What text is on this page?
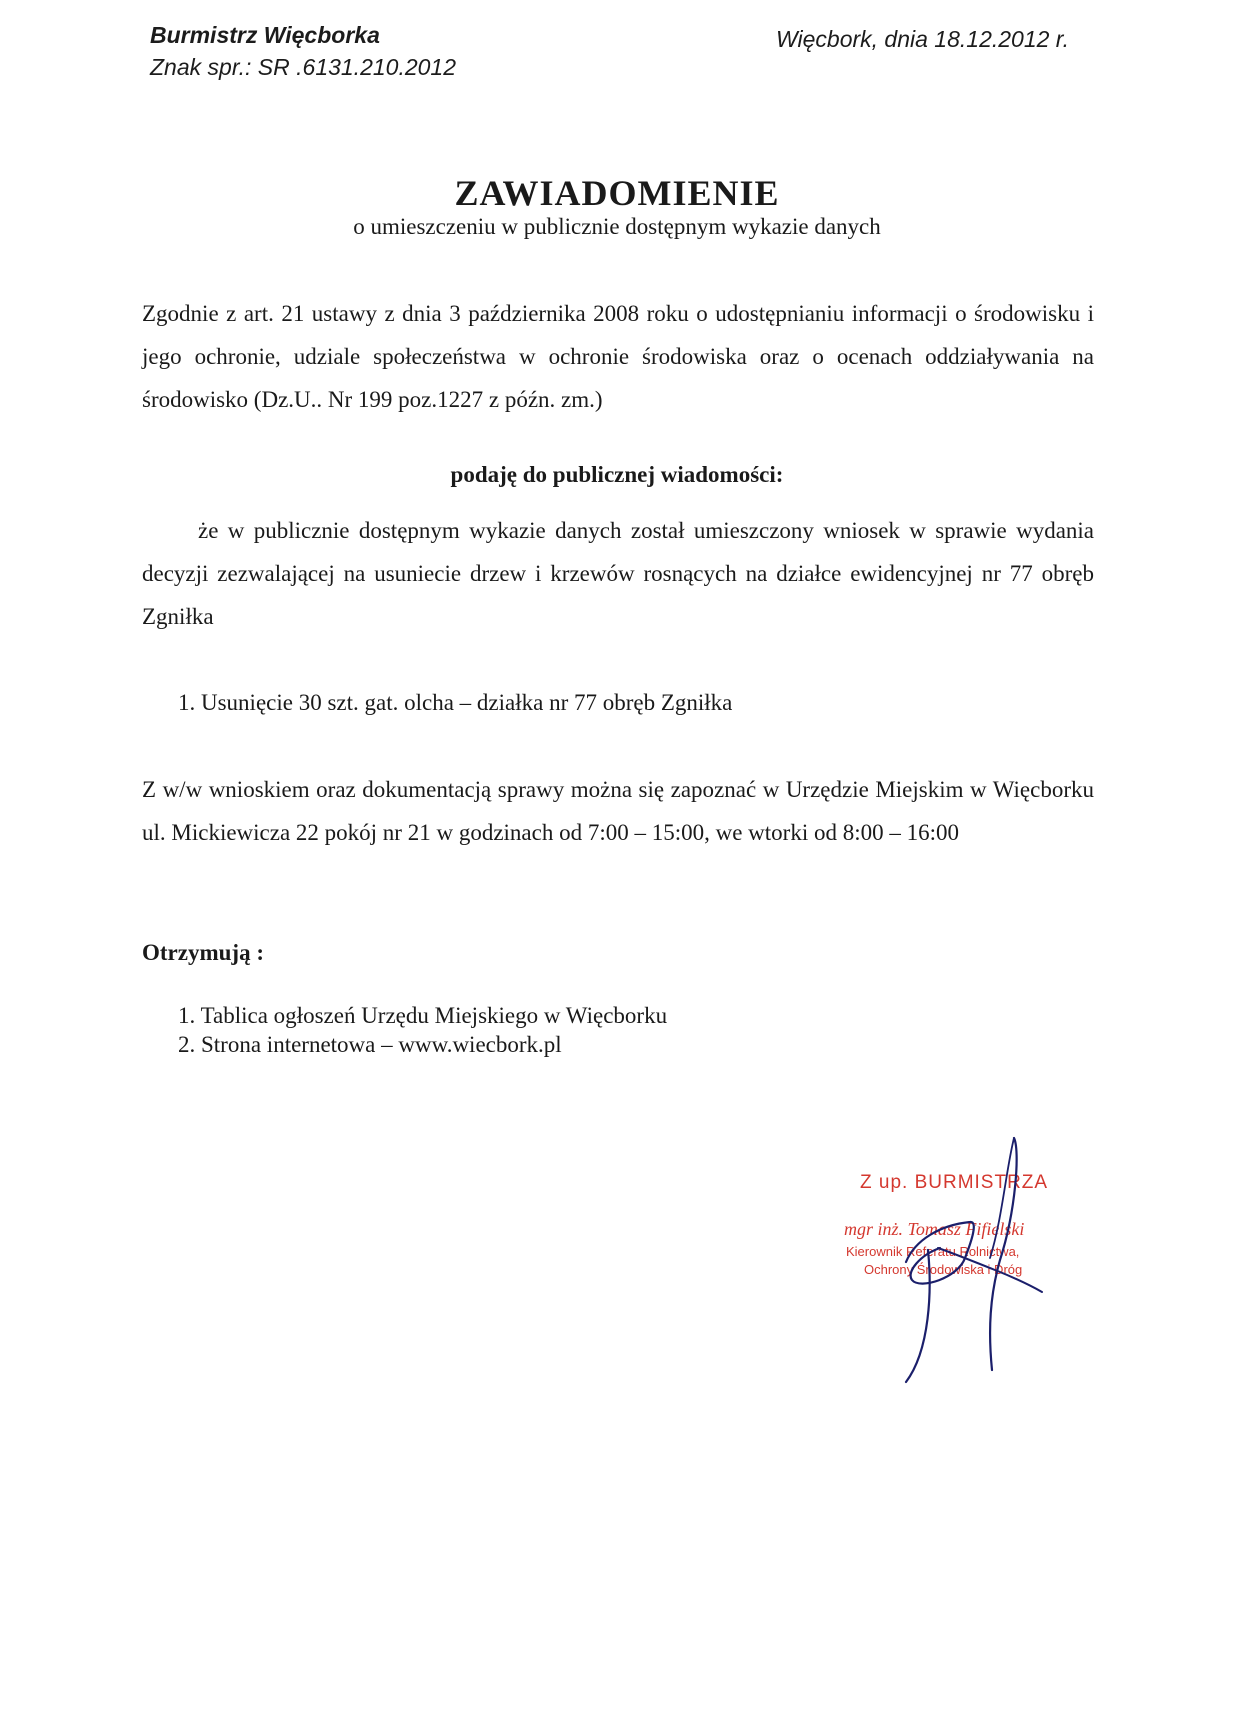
Burmistrz Więcborka
Znak spr.: SR .6131.210.2012
Więcbork, dnia 18.12.2012 r.
ZAWIADOMIENIE
o umieszczeniu w publicznie dostępnym wykazie danych
Zgodnie z art. 21 ustawy z dnia 3 października 2008 roku o udostępnianiu informacji o środowisku i jego ochronie, udziale społeczeństwa w ochronie środowiska oraz o ocenach oddziaływania na środowisko (Dz.U.. Nr 199 poz.1227 z późn. zm.)
podaję do publicznej wiadomości:
że w publicznie dostępnym wykazie danych został umieszczony wniosek w sprawie wydania decyzji zezwalającej na usuniecie drzew i krzewów rosnących na działce ewidencyjnej nr 77 obręb Zgniłka
1. Usunięcie 30 szt. gat. olcha – działka nr 77 obręb Zgniłka
Z w/w wnioskiem oraz dokumentacją sprawy można się zapoznać w Urzędzie Miejskim w Więcborku ul. Mickiewicza 22 pokój nr 21 w godzinach od 7:00 – 15:00, we wtorki od 8:00 – 16:00
Otrzymują :
1. Tablica ogłoszeń Urzędu Miejskiego w Więcborku
2. Strona internetowa – www.wiecbork.pl
Z up. BURMISTRZA
mgr inż. Tomasz Fifielski
Kierownik Referatu Rolnictwa,
Ochrony Środowiska i Dróg
